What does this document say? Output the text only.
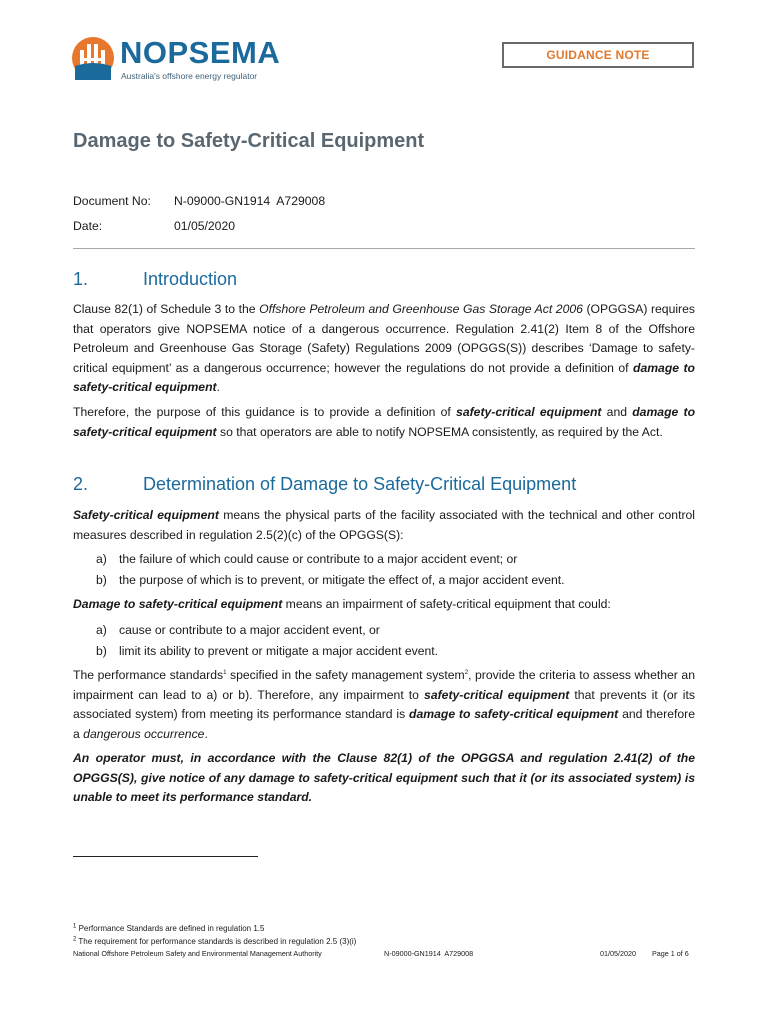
NOPSEMA
Australia's offshore energy regulator
GUIDANCE NOTE
Damage to Safety-Critical Equipment
Document No: N-09000-GN1914  A729008
Date:	01/05/2020
1.	Introduction
Clause 82(1) of Schedule 3 to the Offshore Petroleum and Greenhouse Gas Storage Act 2006 (OPGGSA) requires that operators give NOPSEMA notice of a dangerous occurrence. Regulation 2.41(2) Item 8 of the Offshore Petroleum and Greenhouse Gas Storage (Safety) Regulations 2009 (OPGGS(S)) describes ‘Damage to safety-critical equipment’ as a dangerous occurrence; however the regulations do not provide a definition of damage to safety-critical equipment.
Therefore, the purpose of this guidance is to provide a definition of safety-critical equipment and damage to safety-critical equipment so that operators are able to notify NOPSEMA consistently, as required by the Act.
2.	Determination of Damage to Safety-Critical Equipment
Safety-critical equipment means the physical parts of the facility associated with the technical and other control measures described in regulation 2.5(2)(c) of the OPGGS(S):
a) the failure of which could cause or contribute to a major accident event; or
b) the purpose of which is to prevent, or mitigate the effect of, a major accident event.
Damage to safety-critical equipment means an impairment of safety-critical equipment that could:
a) cause or contribute to a major accident event, or
b) limit its ability to prevent or mitigate a major accident event.
The performance standards$^1$ specified in the safety management system$^2$, provide the criteria to assess whether an impairment can lead to a) or b). Therefore, any impairment to safety-critical equipment that prevents it (or its associated system) from meeting its performance standard is damage to safety-critical equipment and therefore a dangerous occurrence.
An operator must, in accordance with the Clause 82(1) of the OPGGSA and regulation 2.41(2) of the OPGGS(S), give notice of any damage to safety-critical equipment such that it (or its associated system) is unable to meet its performance standard.
$^1$ Performance Standards are defined in regulation 1.5
$^2$ The requirement for performance standards is described in regulation 2.5 (3)(i)
National Offshore Petroleum Safety and Environmental Management Authority	N-09000-GN1914  A729008	01/05/2020 Page 1 of 6
